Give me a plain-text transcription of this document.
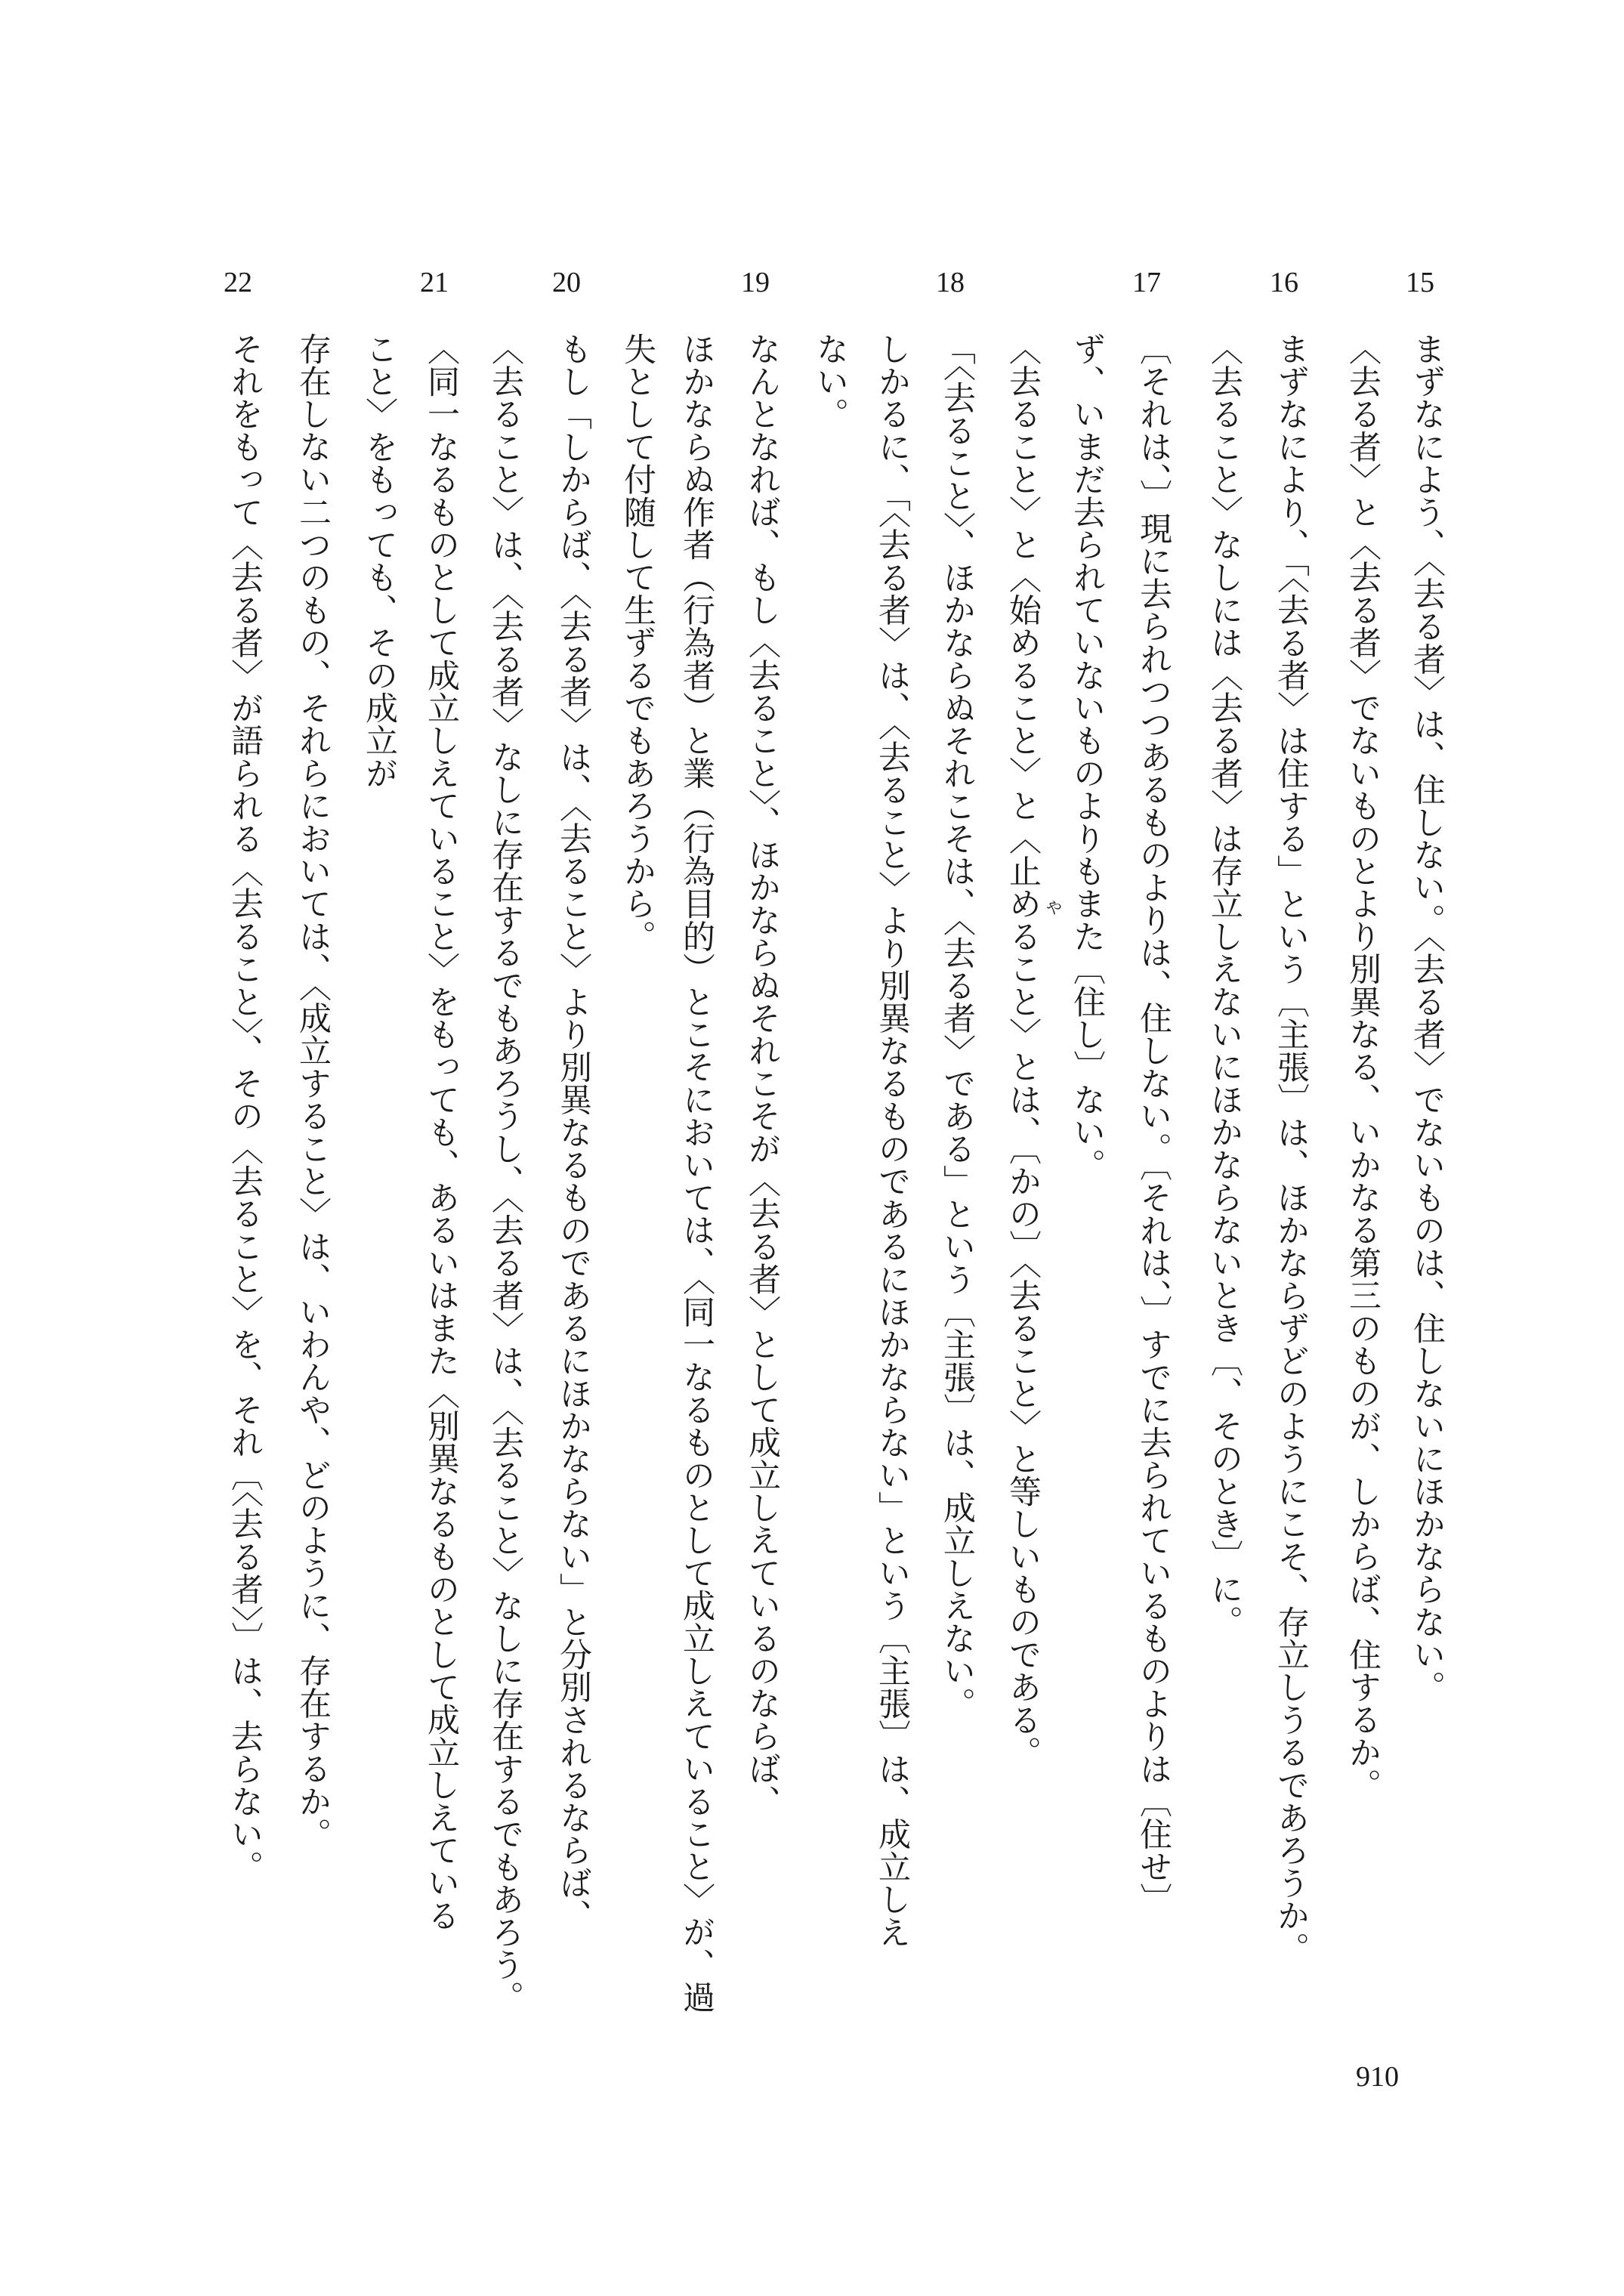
15
16
17
18
19
20
21
22
まずなによう、〈去る者〉は、住しない。〈去る者〉でないものは、住しないにほかならない。
〈去る者〉と〈去る者〉でないものとより別異なる、いかなる第三のものが、しからば、住するか。
まずなにより、「〈去る者〉は住する」という〔主張〕は、ほかならずどのようにこそ、存立しうるであろうか。
〈去ること〉なしには〈去る者〉は存立しえないにほかならないとき〔、そのとき〕に。
〔それは、〕現に去られつつあるものよりは、住しない。〔それは、〕すでに去られているものよりは〔住せ〕
ず、いまだ去られていないものよりもまた〔住し〕ない。
〈去ること〉と〈始めること〉と〈止めること〉とは、〔かの〕〈去ること〉と等しいものである。
「〈去ること〉、ほかならぬそれこそは、〈去る者〉である」という〔主張〕は、成立しえない。
しかるに、「〈去る者〉は、〈去ること〉より別異なるものであるにほかならない」という〔主張〕は、成立しえ
ない。
なんとなれば、もし〈去ること〉、ほかならぬそれこそが〈去る者〉として成立しえているのならば、
ほかならぬ作者（行為者）と業（行為目的）とこそにおいては、〈同一なるものとして成立しえていること〉が、過
失として付随して生ずるでもあろうから。
もし「しからば、〈去る者〉は、〈去ること〉より別異なるものであるにほかならない」と分別されるならば、
〈去ること〉は、〈去る者〉なしに存在するでもあろうし、〈去る者〉は、〈去ること〉なしに存在するでもあろう。
〈同一なるものとして成立しえていること〉をもっても、あるいはまた〈別異なるものとして成立しえている
こと〉をもっても、その成立が
存在しない二つのもの、それらにおいては、〈成立すること〉は、いわんや、どのように、存在するか。
それをもって〈去る者〉が語られる〈去ること〉、その〈去ること〉を、それ〔〈去る者〉〕は、去らない。	や
910
